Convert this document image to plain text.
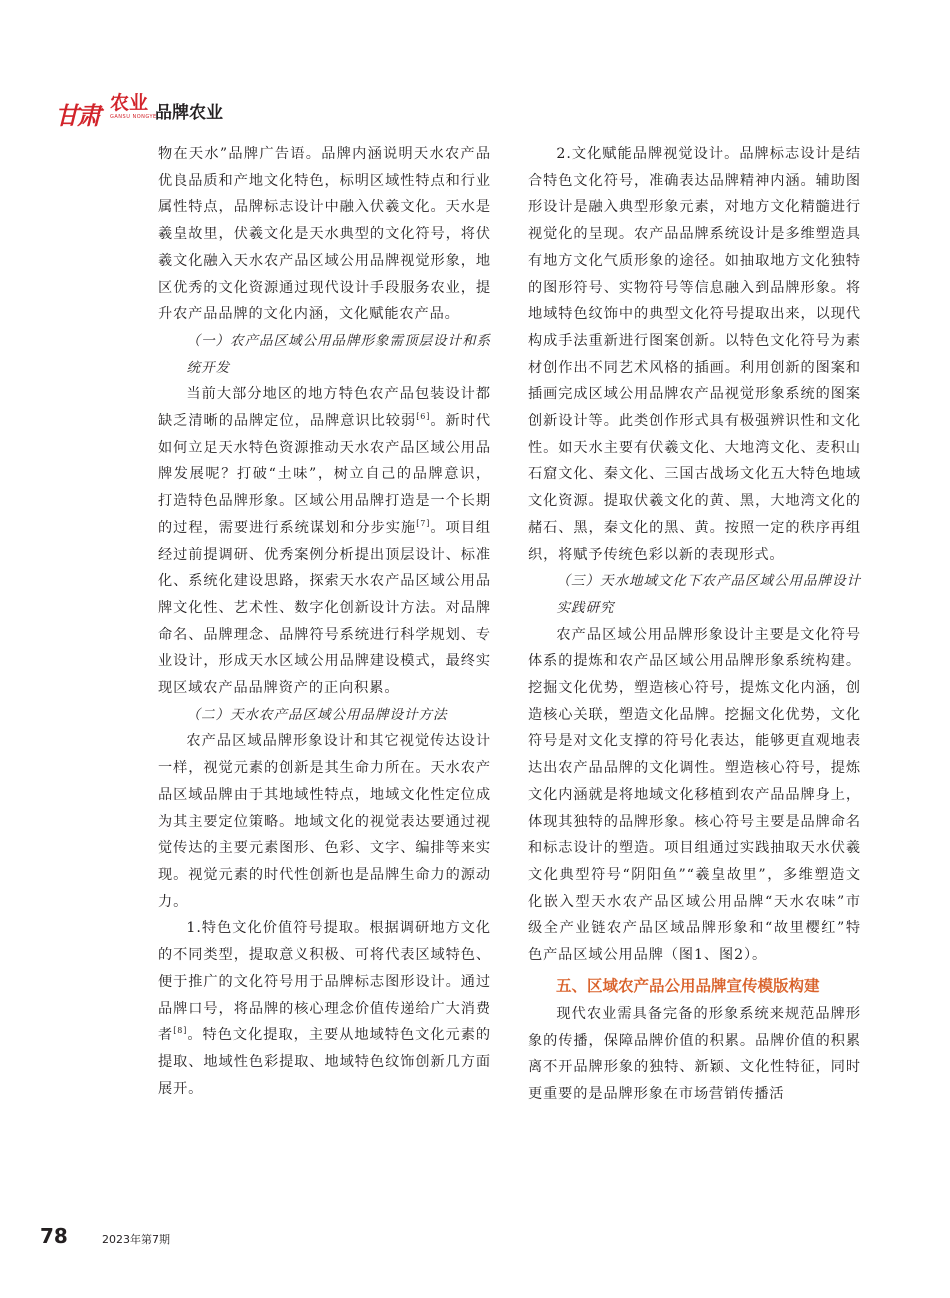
甘肃 农业
GANSU NONGYE
品牌农业

物在天水”品牌广告语。品牌内涵说明天水农产品优良品质和产地文化特色，标明区域性特点和行业属性特点，品牌标志设计中融入伏羲文化。天水是羲皇故里，伏羲文化是天水典型的文化符号，将伏羲文化融入天水农产品区域公用品牌视觉形象，地区优秀的文化资源通过现代设计手段服务农业，提升农产品品牌的文化内涵，文化赋能农产品。

（一）农产品区域公用品牌形象需顶层设计和系统开发

当前大部分地区的地方特色农产品包装设计都缺乏清晰的品牌定位，品牌意识比较弱[6]。新时代如何立足天水特色资源推动天水农产品区域公用品牌发展呢？打破“土味”，树立自己的品牌意识，打造特色品牌形象。区域公用品牌打造是一个长期的过程，需要进行系统谋划和分步实施[7]。项目组经过前提调研、优秀案例分析提出顶层设计、标准化、系统化建设思路，探索天水农产品区域公用品牌文化性、艺术性、数字化创新设计方法。对品牌命名、品牌理念、品牌符号系统进行科学规划、专业设计，形成天水区域公用品牌建设模式，最终实现区域农产品品牌资产的正向积累。

（二）天水农产品区域公用品牌设计方法

农产品区域品牌形象设计和其它视觉传达设计一样，视觉元素的创新是其生命力所在。天水农产品区域品牌由于其地域性特点，地域文化性定位成为其主要定位策略。地域文化的视觉表达要通过视觉传达的主要元素图形、色彩、文字、编排等来实现。视觉元素的时代性创新也是品牌生命力的源动力。

1.特色文化价值符号提取。根据调研地方文化的不同类型，提取意义积极、可将代表区域特色、便于推广的文化符号用于品牌标志图形设计。通过品牌口号，将品牌的核心理念价值传递给广大消费者[8]。特色文化提取，主要从地域特色文化元素的提取、地域性色彩提取、地域特色纹饰创新几方面展开。

2.文化赋能品牌视觉设计。品牌标志设计是结合特色文化符号，准确表达品牌精神内涵。辅助图形设计是融入典型形象元素，对地方文化精髓进行视觉化的呈现。农产品品牌系统设计是多维塑造具有地方文化气质形象的途径。如抽取地方文化独特的图形符号、实物符号等信息融入到品牌形象。将地域特色纹饰中的典型文化符号提取出来，以现代构成手法重新进行图案创新。以特色文化符号为素材创作出不同艺术风格的插画。利用创新的图案和插画完成区域公用品牌农产品视觉形象系统的图案创新设计等。此类创作形式具有极强辨识性和文化性。如天水主要有伏羲文化、大地湾文化、麦积山石窟文化、秦文化、三国古战场文化五大特色地域文化资源。提取伏羲文化的黄、黑，大地湾文化的赭石、黑，秦文化的黑、黄。按照一定的秩序再组织，将赋予传统色彩以新的表现形式。

（三）天水地域文化下农产品区域公用品牌设计实践研究

农产品区域公用品牌形象设计主要是文化符号体系的提炼和农产品区域公用品牌形象系统构建。挖掘文化优势，塑造核心符号，提炼文化内涵，创造核心关联，塑造文化品牌。挖掘文化优势，文化符号是对文化支撑的符号化表达，能够更直观地表达出农产品品牌的文化调性。塑造核心符号，提炼文化内涵就是将地域文化移植到农产品品牌身上，体现其独特的品牌形象。核心符号主要是品牌命名和标志设计的塑造。项目组通过实践抽取天水伏羲文化典型符号“阴阳鱼”“羲皇故里”，多维塑造文化嵌入型天水农产品区域公用品牌“天水农味”市级全产业链农产品区域品牌形象和“故里樱红”特色产品区域公用品牌（图1、图2）。

五、区域农产品公用品牌宣传模版构建

现代农业需具备完备的形象系统来规范品牌形象的传播，保障品牌价值的积累。品牌价值的积累离不开品牌形象的独特、新颖、文化性特征，同时更重要的是品牌形象在市场营销传播活

78	2023年第7期
